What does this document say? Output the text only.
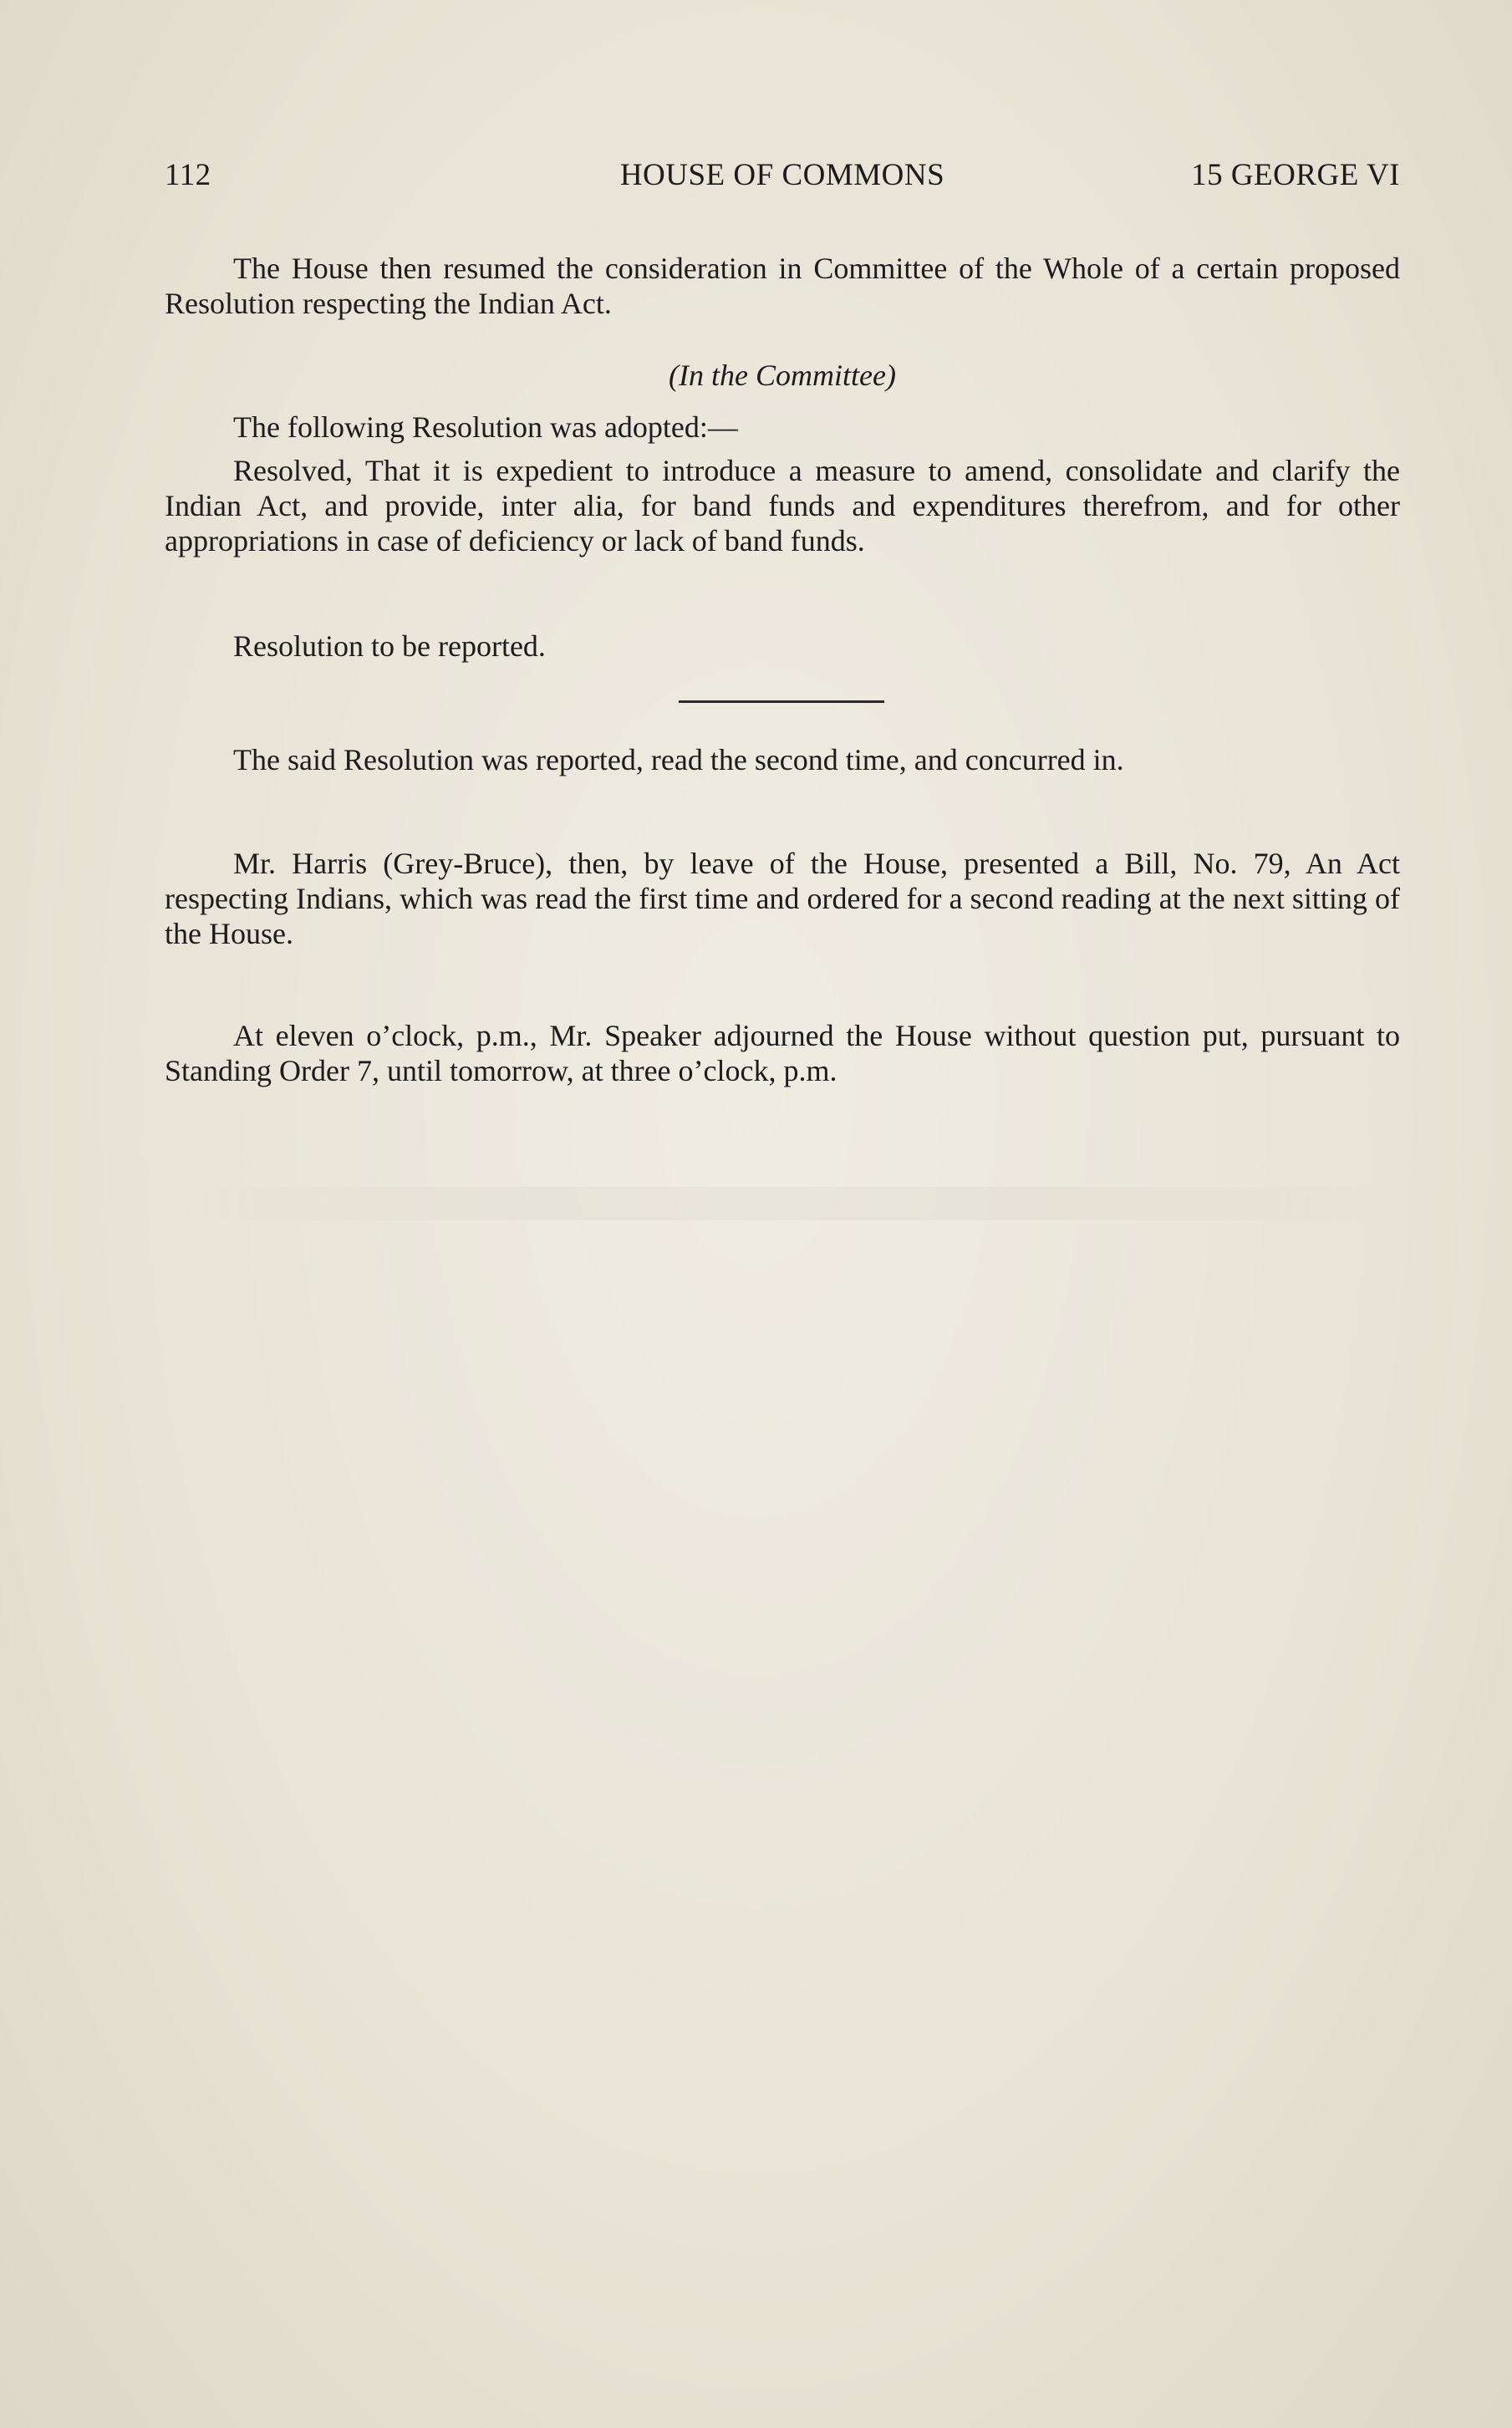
112	HOUSE OF COMMONS	15 GEORGE VI

The House then resumed the consideration in Committee of the Whole of a certain proposed Resolution respecting the Indian Act.

(In the Committee)

The following Resolution was adopted:—

Resolved, That it is expedient to introduce a measure to amend, consolidate and clarify the Indian Act, and provide, inter alia, for band funds and expenditures therefrom, and for other appropriations in case of deficiency or lack of band funds.

Resolution to be reported.

The said Resolution was reported, read the second time, and concurred in.

Mr. Harris (Grey-Bruce), then, by leave of the House, presented a Bill, No. 79, An Act respecting Indians, which was read the first time and ordered for a second reading at the next sitting of the House.

At eleven o’clock, p.m., Mr. Speaker adjourned the House without question put, pursuant to Standing Order 7, until tomorrow, at three o’clock, p.m.
